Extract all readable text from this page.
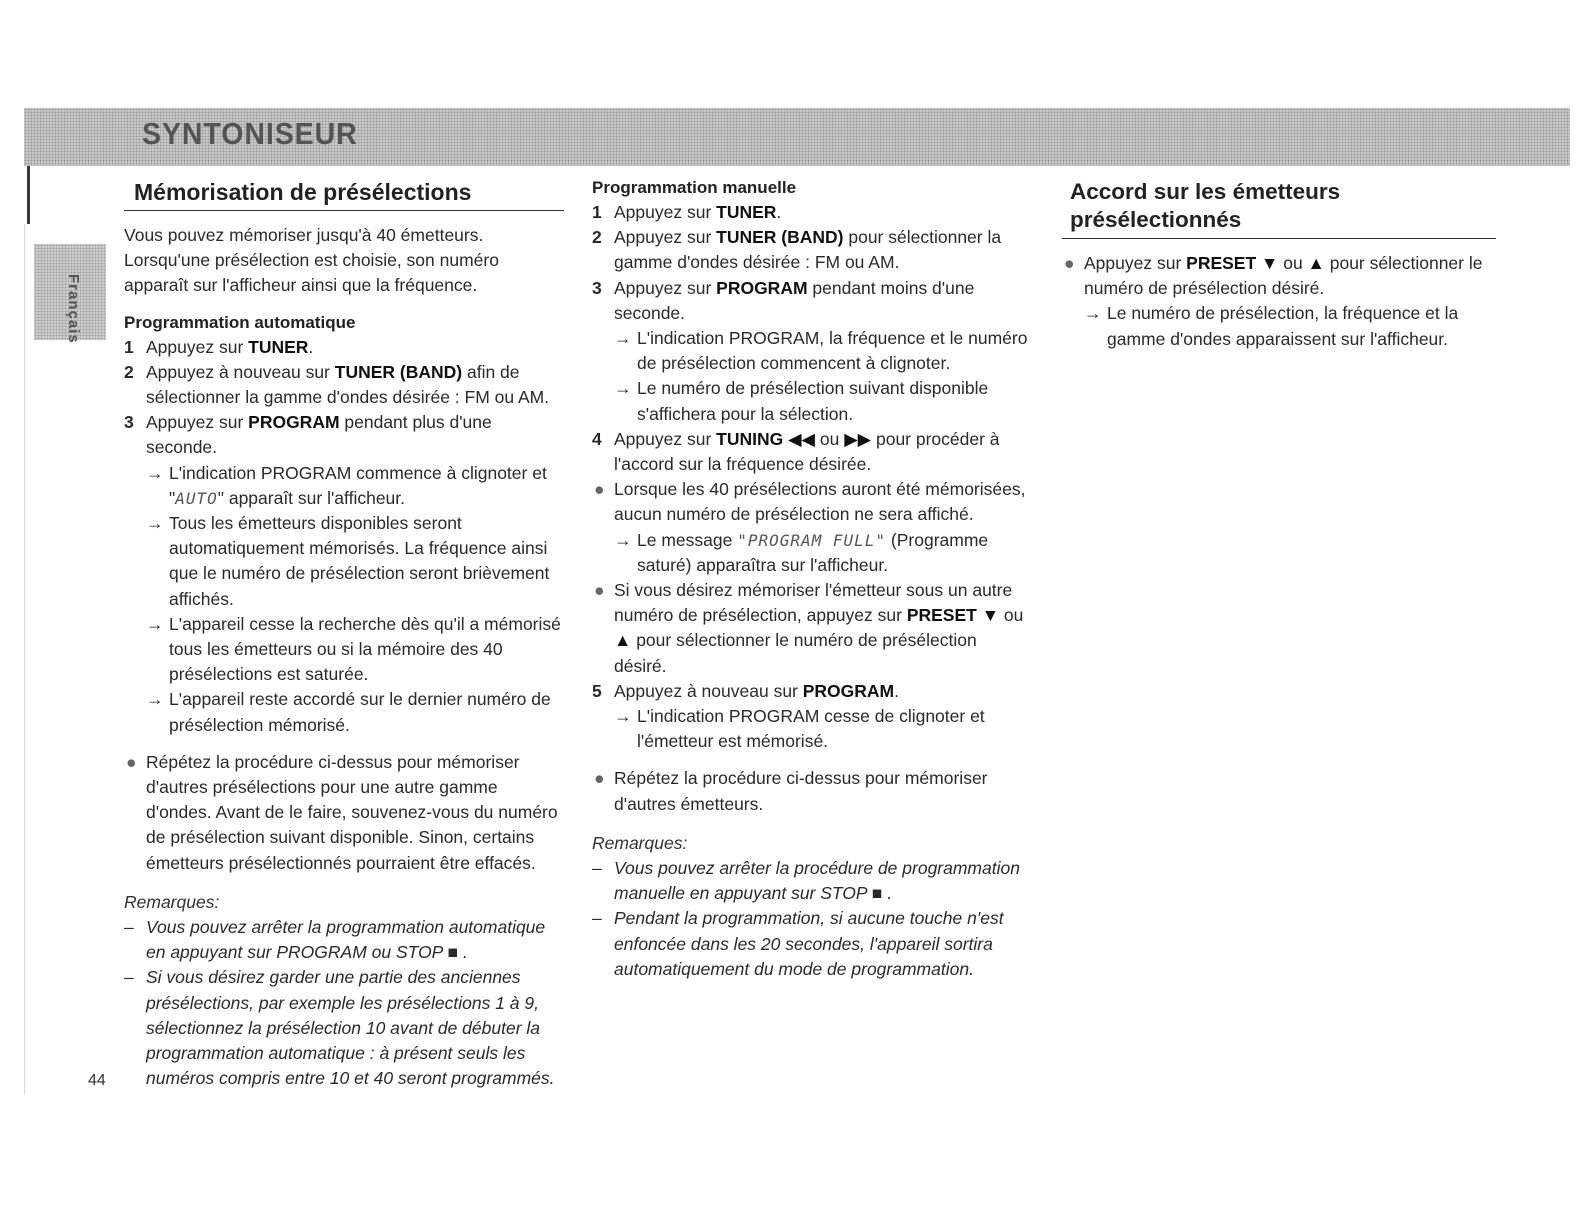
SYNTONISEUR
Français
Mémorisation de présélections

Vous pouvez mémoriser jusqu'à 40 émetteurs. Lorsqu'une présélection est choisie, son numéro apparaît sur l'afficheur ainsi que la fréquence.

Programmation automatique
1 Appuyez sur TUNER.
2 Appuyez à nouveau sur TUNER (BAND) afin de sélectionner la gamme d'ondes désirée : FM ou AM.
3 Appuyez sur PROGRAM pendant plus d'une seconde.
→ L'indication PROGRAM commence à clignoter et "AUTO" apparaît sur l'afficheur.
→ Tous les émetteurs disponibles seront automatiquement mémorisés. La fréquence ainsi que le numéro de présélection seront brièvement affichés.
→ L'appareil cesse la recherche dès qu'il a mémorisé tous les émetteurs ou si la mémoire des 40 présélections est saturée.
→ L'appareil reste accordé sur le dernier numéro de présélection mémorisé.
● Répétez la procédure ci-dessus pour mémoriser d'autres présélections pour une autre gamme d'ondes. Avant de le faire, souvenez-vous du numéro de présélection suivant disponible. Sinon, certains émetteurs présélectionnés pourraient être effacés.

Remarques:

– Vous pouvez arrêter la programmation automatique en appuyant sur PROGRAM ou STOP ■ .
– Si vous désirez garder une partie des anciennes présélections, par exemple les présélections 1 à 9, sélectionnez la présélection 10 avant de débuter la programmation automatique : à présent seuls les numéros compris entre 10 et 40 seront programmés.
Programmation manuelle
1 Appuyez sur TUNER.
2 Appuyez sur TUNER (BAND) pour sélectionner la gamme d'ondes désirée : FM ou AM.
3 Appuyez sur PROGRAM pendant moins d'une seconde.
→ L'indication PROGRAM, la fréquence et le numéro de présélection commencent à clignoter.
→ Le numéro de présélection suivant disponible s'affichera pour la sélection.
4 Appuyez sur TUNING ◀◀ ou ▶▶ pour procéder à l'accord sur la fréquence désirée.
● Lorsque les 40 présélections auront été mémorisées, aucun numéro de présélection ne sera affiché.
→ Le message "PROGRAM FULL" (Programme saturé) apparaîtra sur l'afficheur.
● Si vous désirez mémoriser l'émetteur sous un autre numéro de présélection, appuyez sur PRESET ▼ ou ▲ pour sélectionner le numéro de présélection désiré.
5 Appuyez à nouveau sur PROGRAM.
→ L'indication PROGRAM cesse de clignoter et l'émetteur est mémorisé.
● Répétez la procédure ci-dessus pour mémoriser d'autres émetteurs.

Remarques:

– Vous pouvez arrêter la procédure de programmation manuelle en appuyant sur STOP ■ .
– Pendant la programmation, si aucune touche n'est enfoncée dans les 20 secondes, l'appareil sortira automatiquement du mode de programmation.
Accord sur les émetteurs présélectionnés
● Appuyez sur PRESET ▼ ou ▲ pour sélectionner le numéro de présélection désiré.
→ Le numéro de présélection, la fréquence et la gamme d'ondes apparaissent sur l'afficheur.
44
